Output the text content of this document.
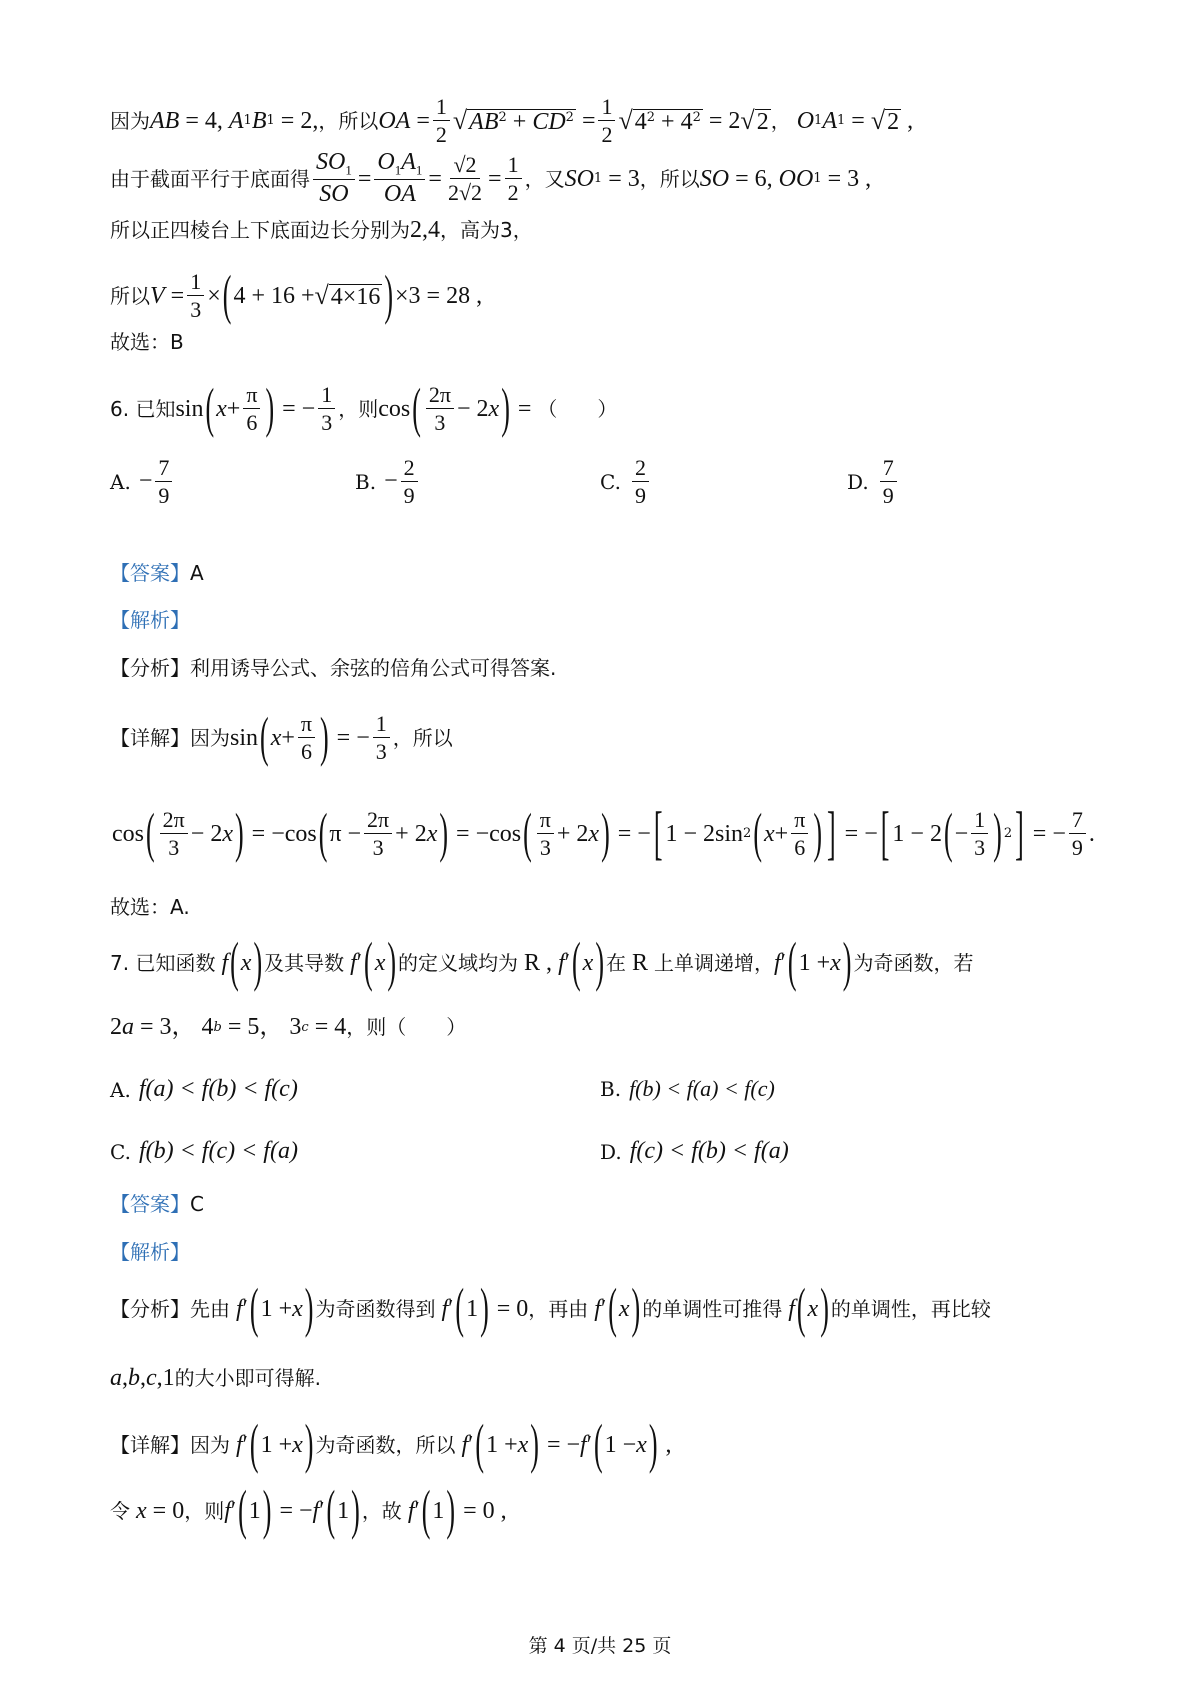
因为 AB = 4, A 1 B 1 = 2, ，所以 OA = $\frac{1}{2}$ √ $AB^2 + CD^2 = \frac{1}{2}$ √ $4^2 + 4^2 = 2$ √ 2 ， O 1 A 1 = √ 2 ,
由于截面平行于底面得 $\frac{SO_1}{SO} = \frac{O_1A_1}{OA} = \frac{√2}{2√2} = \frac{1}{2}$ ，又 SO 1 = 3 ，所以 SO = 6, OO 1 = 3 ,
所以正四棱台上下底面边长分别为 2,4 ，高为3，
所以 $V = \frac{1}{3}$ × ( 4 + 16 + √ 4×16 ) ×3 = 28 ,
故选：B
6. 已知 sin ( $x + \frac{\pi}{6}$ ) = − $\frac{1}{3}$ ，则 cos ( $\frac{2\pi}{3} - 2$ x ) = （　　）
A. − $\frac{7}{9}$	B. − $\frac{2}{9}$	C. $\frac{2}{9}$	D. $\frac{7}{9}$
【答案】 A
【解析】
【分析】 利用诱导公式、余弦的倍角公式可得答案.
【详解】 因为 sin ( $x + \frac{\pi}{6}$ ) = − $\frac{1}{3}$ ，所以
cos ( $\frac{2\pi}{3} - 2$ x ) = −cos ( $\pi - \frac{2\pi}{3} + 2$ x ) = −cos ( $\frac{\pi}{3} + 2$ x ) = − [ 1 − 2sin 2 ( $x + \frac{\pi}{6}$ ) ] = − [ 1 − 2 ( − $\frac{1}{3}$ ) 2 ] = − $\frac{7}{9}$ .
故选：A.
7. 已知函数 f ( x ) 及其导数 f ′ ( x ) 的定义域均为 R , f ′ ( x ) 在 R 上单调递增， f ′ ( 1 + x ) 为奇函数，若
2 a = 3， 4 b = 5， 3 c = 4 ，则（　　）
A. f(a) < f(b) < f(c)	B. f(b) < f(a) < f(c)
C. f(b) < f(c) < f(a)	D. f(c) < f(b) < f(a)
【答案】 C
【解析】
【分析】 先由 f ′ ( 1 + x ) 为奇函数得到 f ′ ( 1 ) = 0 ，再由 f ′ ( x ) 的单调性可推得 f ( x ) 的单调性，再比较
a , b , c ,1 的大小即可得解.
【详解】 因为 f ′ ( 1 + x ) 为奇函数，所以 f ′ ( 1 + x ) = − f ′ ( 1 − x ) ,
令 x = 0 ，则 f ′ ( 1 ) = − f ′ ( 1 ) ，故 f ′ ( 1 ) = 0 ,
第 4 页/共 25 页
